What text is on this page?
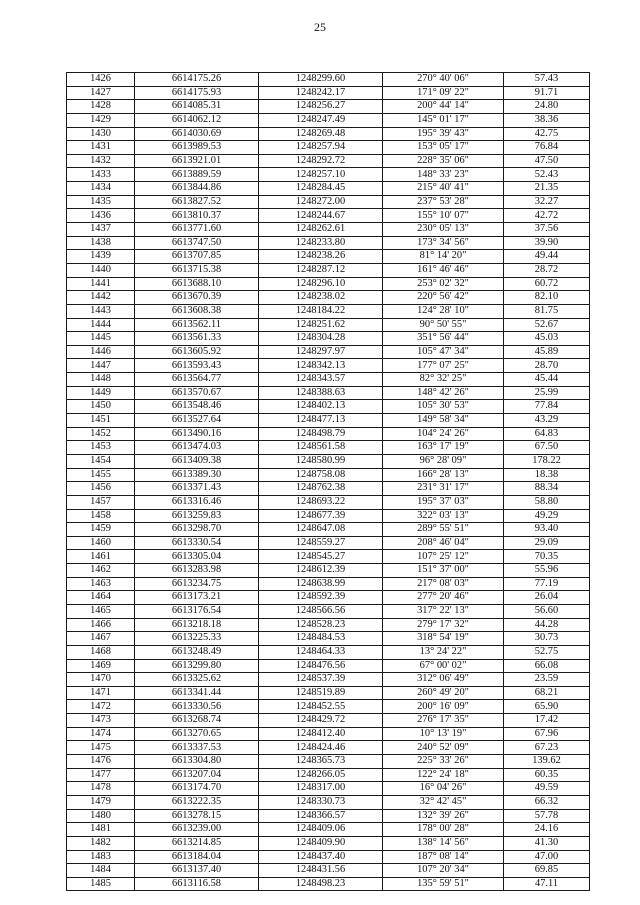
25
1426	6614175.26	1248299.60	270° 40' 06"	57.43
1427	6614175.93	1248242.17	171° 09' 22"	91.71
1428	6614085.31	1248256.27	200° 44' 14"	24.80
1429	6614062.12	1248247.49	145° 01' 17"	38.36
1430	6614030.69	1248269.48	195° 39' 43"	42.75
1431	6613989.53	1248257.94	153° 05' 17"	76.84
1432	6613921.01	1248292.72	228° 35' 06"	47.50
1433	6613889.59	1248257.10	148° 33' 23"	52.43
1434	6613844.86	1248284.45	215° 40' 41"	21.35
1435	6613827.52	1248272.00	237° 53' 28"	32.27
1436	6613810.37	1248244.67	155° 10' 07"	42.72
1437	6613771.60	1248262.61	230° 05' 13"	37.56
1438	6613747.50	1248233.80	173° 34' 56"	39.90
1439	6613707.85	1248238.26	81° 14' 20"	49.44
1440	6613715.38	1248287.12	161° 46' 46"	28.72
1441	6613688.10	1248296.10	253° 02' 32"	60.72
1442	6613670.39	1248238.02	220° 56' 42"	82.10
1443	6613608.38	1248184.22	124° 28' 10"	81.75
1444	6613562.11	1248251.62	90° 50' 55"	52.67
1445	6613561.33	1248304.28	351° 56' 44"	45.03
1446	6613605.92	1248297.97	105° 47' 34"	45.89
1447	6613593.43	1248342.13	177° 07' 25"	28.70
1448	6613564.77	1248343.57	82° 32' 25"	45.44
1449	6613570.67	1248388.63	148° 42' 26"	25.99
1450	6613548.46	1248402.13	105° 30' 53"	77.84
1451	6613527.64	1248477.13	149° 58' 34"	43.29
1452	6613490.16	1248498.79	104° 24' 26"	64.83
1453	6613474.03	1248561.58	163° 17' 19"	67.50
1454	6613409.38	1248580.99	96° 28' 09"	178.22
1455	6613389.30	1248758.08	166° 28' 13"	18.38
1456	6613371.43	1248762.38	231° 31' 17"	88.34
1457	6613316.46	1248693.22	195° 37' 03"	58.80
1458	6613259.83	1248677.39	322° 03' 13"	49.29
1459	6613298.70	1248647.08	289° 55' 51"	93.40
1460	6613330.54	1248559.27	208° 46' 04"	29.09
1461	6613305.04	1248545.27	107° 25' 12"	70.35
1462	6613283.98	1248612.39	151° 37' 00"	55.96
1463	6613234.75	1248638.99	217° 08' 03"	77.19
1464	6613173.21	1248592.39	277° 20' 46"	26.04
1465	6613176.54	1248566.56	317° 22' 13"	56.60
1466	6613218.18	1248528.23	279° 17' 32"	44.28
1467	6613225.33	1248484.53	318° 54' 19"	30.73
1468	6613248.49	1248464.33	13° 24' 22"	52.75
1469	6613299.80	1248476.56	67° 00' 02"	66.08
1470	6613325.62	1248537.39	312° 06' 49"	23.59
1471	6613341.44	1248519.89	260° 49' 20"	68.21
1472	6613330.56	1248452.55	200° 16' 09"	65.90
1473	6613268.74	1248429.72	276° 17' 35"	17.42
1474	6613270.65	1248412.40	10° 13' 19"	67.96
1475	6613337.53	1248424.46	240° 52' 09"	67.23
1476	6613304.80	1248365.73	225° 33' 26"	139.62
1477	6613207.04	1248266.05	122° 24' 18"	60.35
1478	6613174.70	1248317.00	16° 04' 26"	49.59
1479	6613222.35	1248330.73	32° 42' 45"	66.32
1480	6613278.15	1248366.57	132° 39' 26"	57.78
1481	6613239.00	1248409.06	178° 00' 28"	24.16
1482	6613214.85	1248409.90	138° 14' 56"	41.30
1483	6613184.04	1248437.40	187° 08' 14"	47.00
1484	6613137.40	1248431.56	107° 20' 34"	69.85
1485	6613116.58	1248498.23	135° 59' 51"	47.11
